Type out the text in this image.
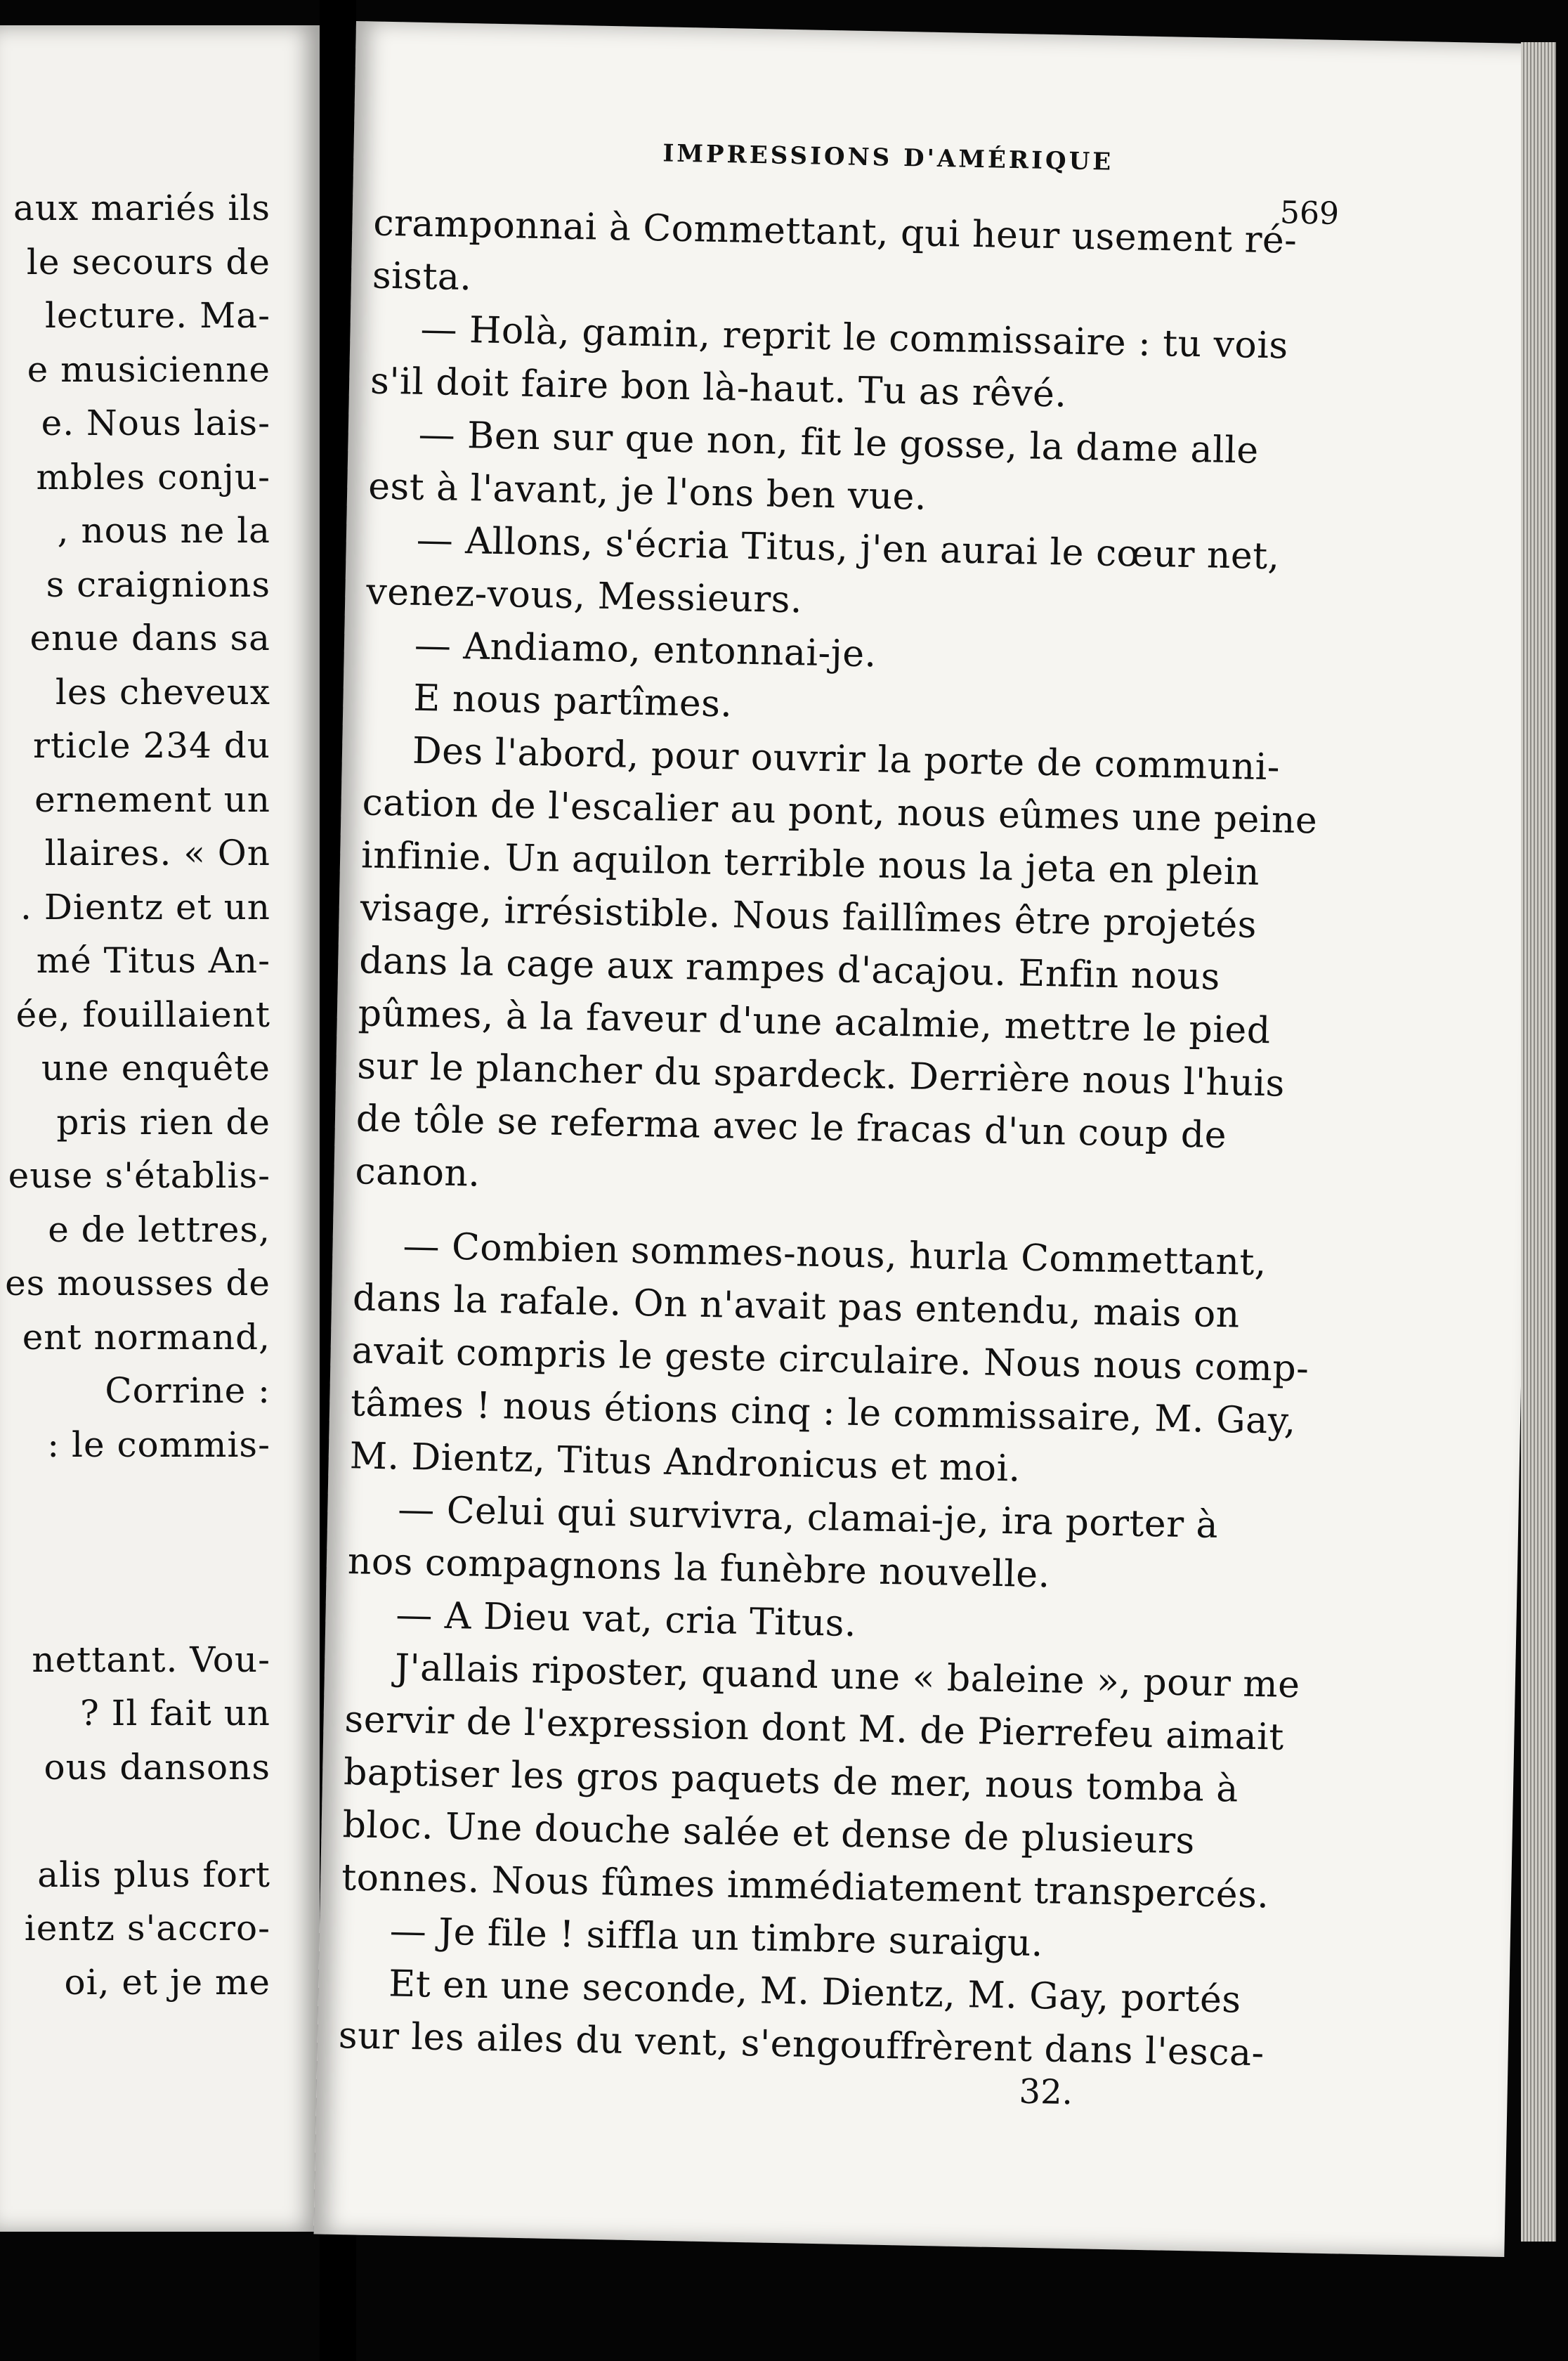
aux mariés ils
le secours de
lecture. Ma-
e musicienne
e. Nous lais-
mbles conju-
, nous ne la
s craignions
enue dans sa
les cheveux
rticle 234 du
ernement un
llaires. « On
. Dientz et un
mé Titus An-
ée, fouillaient
une enquête
pris rien de
euse s'établis-
e de lettres,
es mousses de
ent normand,
Corrine :
: le commis-
nettant. Vou-
? Il fait un
ous dansons
alis plus fort
ientz s'accro-
oi, et je me
IMPRESSIONS D'AMÉRIQUE
569
cramponnai à Commettant, qui heur usement ré-
sista.
— Holà, gamin, reprit le commissaire : tu vois
s'il doit faire bon là-haut. Tu as rêvé.
— Ben sur que non, fit le gosse, la dame alle
est à l'avant, je l'ons ben vue.
— Allons, s'écria Titus, j'en aurai le cœur net,
venez-vous, Messieurs.
— Andiamo, entonnai-je.
E nous partîmes.
Des l'abord, pour ouvrir la porte de communi-
cation de l'escalier au pont, nous eûmes une peine
infinie. Un aquilon terrible nous la jeta en plein
visage, irrésistible. Nous faillîmes être projetés
dans la cage aux rampes d'acajou. Enfin nous
pûmes, à la faveur d'une acalmie, mettre le pied
sur le plancher du spardeck. Derrière nous l'huis
de tôle se referma avec le fracas d'un coup de
canon.
— Combien sommes-nous, hurla Commettant,
dans la rafale. On n'avait pas entendu, mais on
avait compris le geste circulaire. Nous nous comp-
tâmes ! nous étions cinq : le commissaire, M. Gay,
M. Dientz, Titus Andronicus et moi.
— Celui qui survivra, clamai-je, ira porter à
nos compagnons la funèbre nouvelle.
— A Dieu vat, cria Titus.
J'allais riposter, quand une « baleine », pour me
servir de l'expression dont M. de Pierrefeu aimait
baptiser les gros paquets de mer, nous tomba à
bloc. Une douche salée et dense de plusieurs
tonnes. Nous fûmes immédiatement transpercés.
— Je file ! siffla un timbre suraigu.
Et en une seconde, M. Dientz, M. Gay, portés
sur les ailes du vent, s'engouffrèrent dans l'esca-
32.
